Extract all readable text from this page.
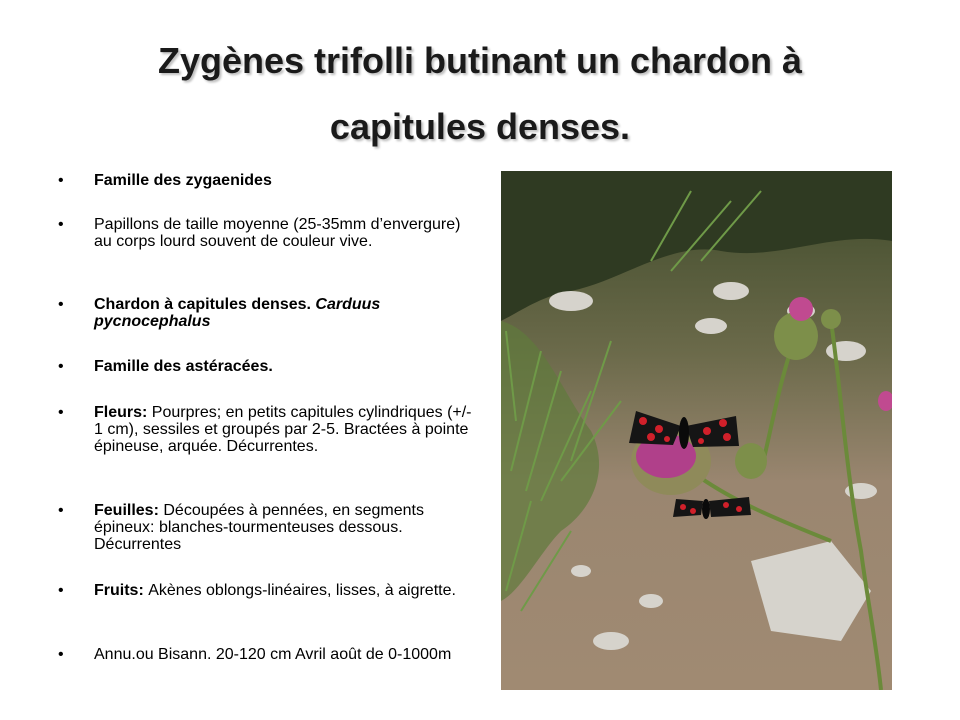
Zygènes trifolli butinant un chardon à
capitules denses.
• Famille des zygaenides
• Papillons de taille moyenne (25-35mm d’envergure) au corps lourd souvent de couleur vive.
• Chardon à capitules denses. Carduus pycnocephalus
• Famille des astéracées.
• Fleurs: Pourpres; en petits capitules cylindriques (+/- 1 cm), sessiles et groupés par 2-5. Bractées à pointe épineuse, arquée. Décurrentes.
• Feuilles: Découpées à pennées, en segments épineux: blanches-tourmenteuses dessous. Décurrentes
• Fruits: Akènes oblongs-linéaires, lisses, à aigrette.
• Annu.ou Bisann. 20-120 cm Avril août de 0-1000m
